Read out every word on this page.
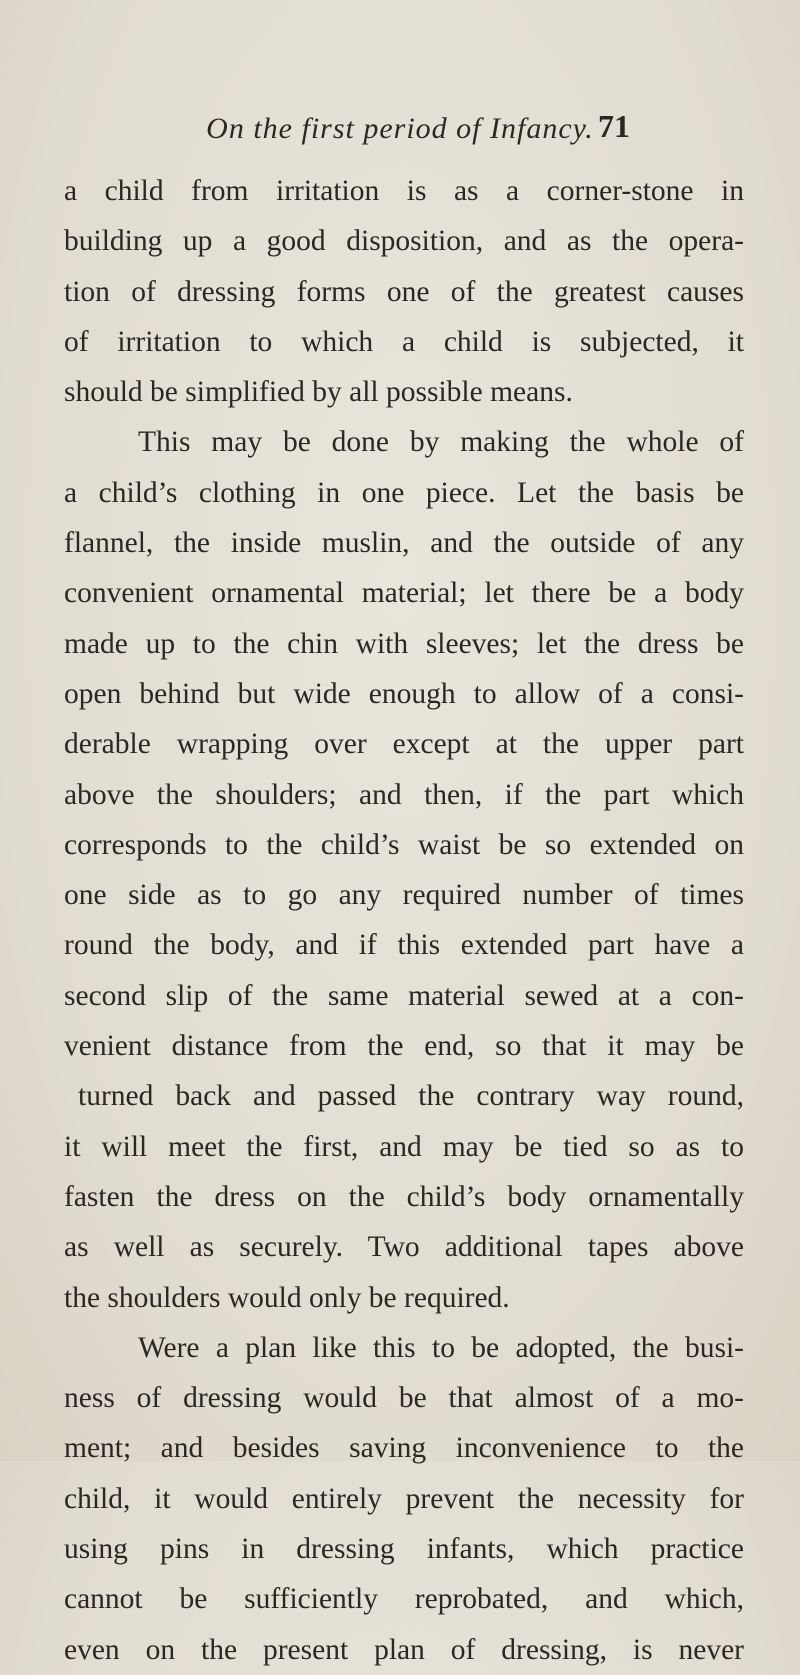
On the first period of Infancy. 71
a child from irritation is as a corner-stone in
building up a good disposition, and as the opera-
tion of dressing forms one of the greatest causes
of irritation to which a child is subjected, it
should be simplified by all possible means.
This may be done by making the whole of
a child’s clothing in one piece. Let the basis be
flannel, the inside muslin, and the outside of any
convenient ornamental material; let there be a body
made up to the chin with sleeves; let the dress be
open behind but wide enough to allow of a consi-
derable wrapping over except at the upper part
above the shoulders; and then, if the part which
corresponds to the child’s waist be so extended on
one side as to go any required number of times
round the body, and if this extended part have a
second slip of the same material sewed at a con-
venient distance from the end, so that it may be
turned back and passed the contrary way round,
it will meet the first, and may be tied so as to
fasten the dress on the child’s body ornamentally
as well as securely. Two additional tapes above
the shoulders would only be required.
Were a plan like this to be adopted, the busi-
ness of dressing would be that almost of a mo-
ment; and besides saving inconvenience to the
child, it would entirely prevent the necessity for
using pins in dressing infants, which practice
cannot be sufficiently reprobated, and which,
even on the present plan of dressing, is never
